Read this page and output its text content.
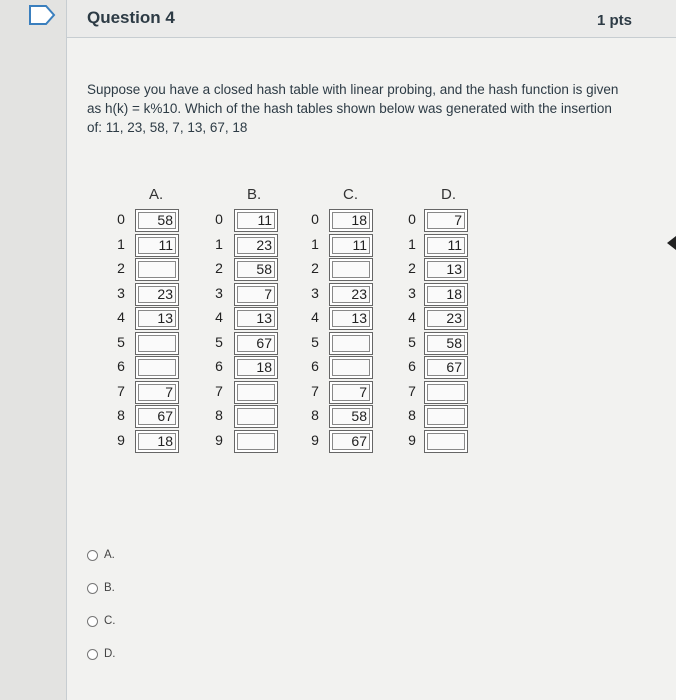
Question 4	1 pts
Suppose you have a closed hash table with linear probing, and the hash function is given as h(k) = k%10. Which of the hash tables shown below was generated with the insertion of: 11, 23, 58, 7, 13, 67, 18
A.
0	58
1	11
2
3	23
4	13
5
6
7	7
8	67
9	18
B.
0	11
1	23
2	58
3	7
4	13
5	67
6	18
7
8
9
C.
0	18
1	11
2
3	23
4	13
5
6
7	7
8	58
9	67
D.
0	7
1	11
2	13
3	18
4	23
5	58
6	67
7
8
9
A.
B.
C.
D.
